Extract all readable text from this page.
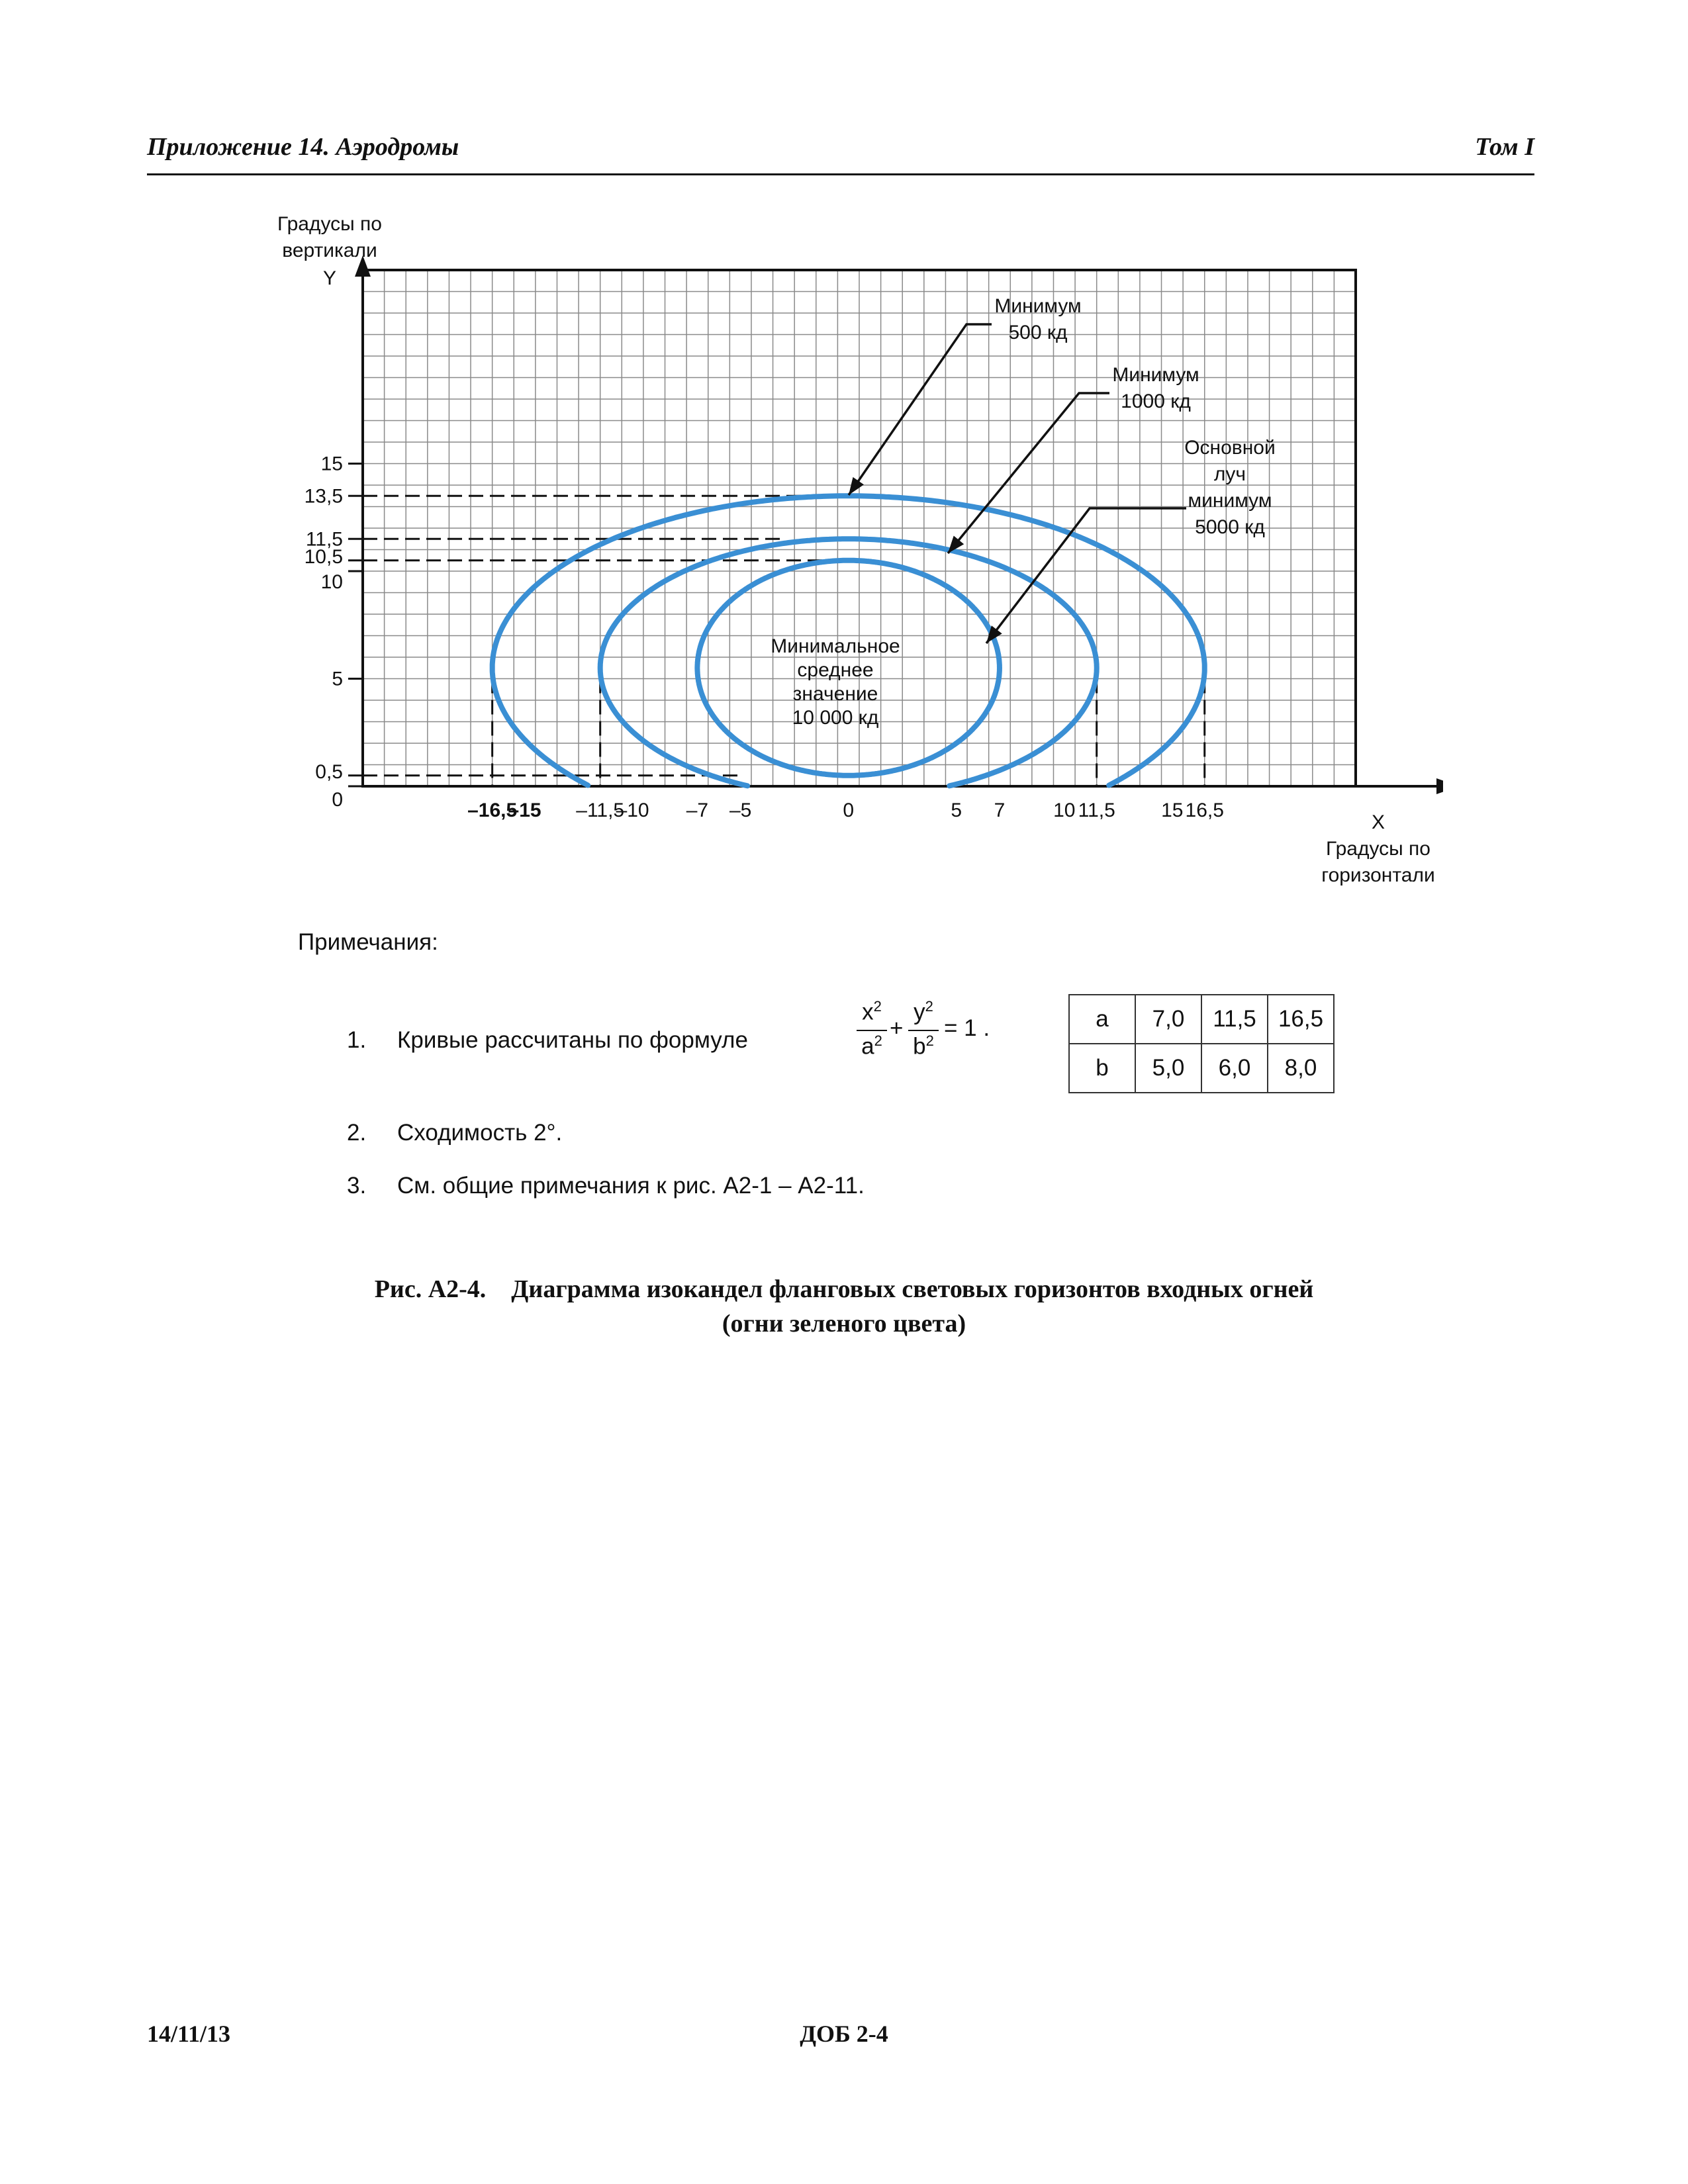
Приложение 14. Аэродромы	Том I
Градусы по
вертикали
Y
X
Градусы по
горизонтали
15
13,5
11,5
10,5
10
5
0,5
0	–16,5
–15 –11,5
–10 –7 –5	0	5 7 10 11,5 15 16,5
Минимум
500 кд
Минимум
1000 кд
Основной
луч
минимум
5000 кд
Минимальное
среднее
значение
10 000 кд
Примечания:
1. Кривые рассчитаны по формуле
$x^2$
$a^2$ +
$y^2$
$b^2 = 1$ .	a	7,0	11,5	16,5
b	5,0	6,0	8,0
2. Сходимость 2°.
3. См. общие примечания к рис. А2-1 – А2-11.
Рис. А2-4.    Диаграмма изокандел фланговых световых горизонтов входных огней
(огни зеленого цвета)
14/11/13	ДОБ 2-4
